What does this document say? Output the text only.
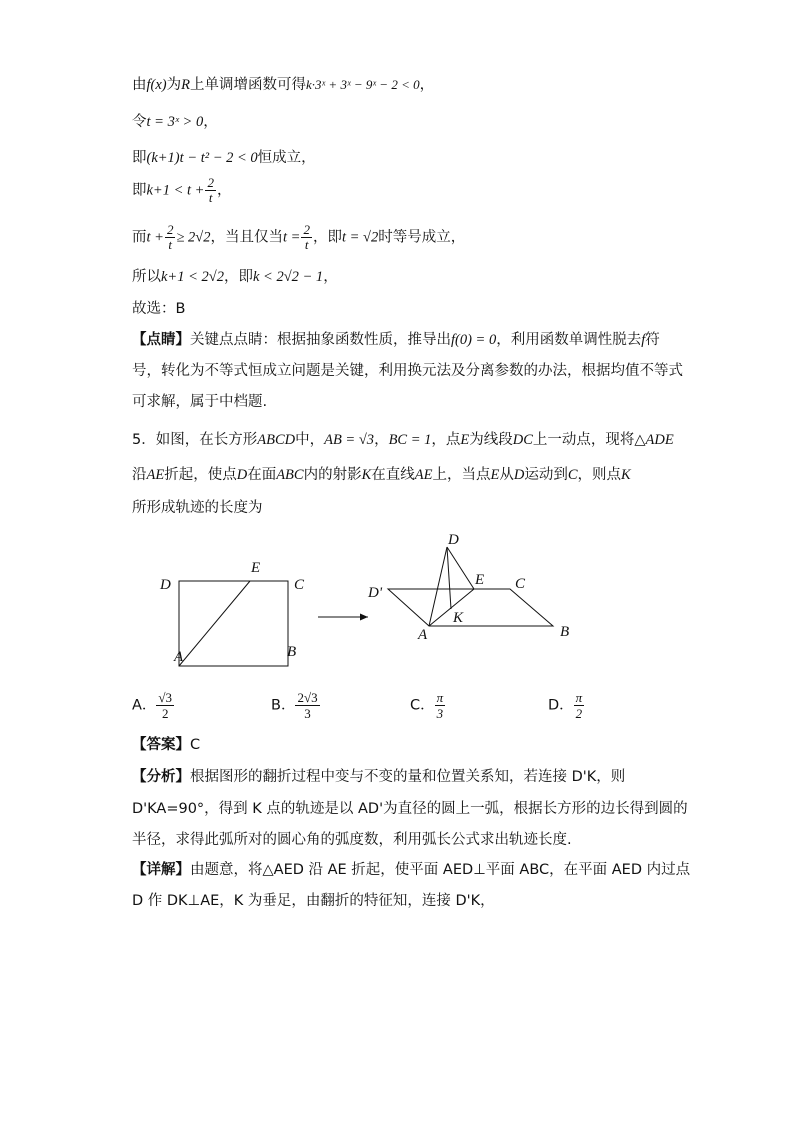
由f(x)为R上单调增函数可得k·3ˣ + 3ˣ − 9ˣ − 2 < 0，
令t = 3ˣ > 0，
即(k+1)t − t² − 2 < 0恒成立，
即$k+1 < t + \frac{2}{t}$ ，
而$t + \frac{2}{t} \ge 2√2$，当且仅当$t = \frac{2}{t}$ ，即t = √2时等号成立，
所以k+1 < 2√2，即k < 2√2 − 1，
故选：B
【点睛】关键点点睛：根据抽象函数性质，推导出f(0) = 0，利用函数单调性脱去f符
号，转化为不等式恒成立问题是关键，利用换元法及分离参数的办法，根据均值不等式
可求解，属于中档题.
5．如图，在长方形ABCD中，AB = √3，BC = 1，点E为线段DC上一动点，现将△ADE
沿AE折起，使点D在面ABC内的射影K在直线AE上，当点E从D运动到C，则点K
所形成轨迹的长度为
D
E
C
A	B
D
D'
E C
A
K
B
A． $\frac{√3}{2}$	B． $\frac{2√3}{3}$	C． $\frac{\pi}{3}$	D． $\frac{\pi}{2}$
【答案】C
【分析】根据图形的翻折过程中变与不变的量和位置关系知，若连接 D'K，则
D'KA=90°，得到 K 点的轨迹是以 AD'为直径的圆上一弧，根据长方形的边长得到圆的
半径，求得此弧所对的圆心角的弧度数，利用弧长公式求出轨迹长度.
【详解】由题意，将△AED 沿 AE 折起，使平面 AED⊥平面 ABC，在平面 AED 内过点
D 作 DK⊥AE，K 为垂足，由翻折的特征知，连接 D'K，
